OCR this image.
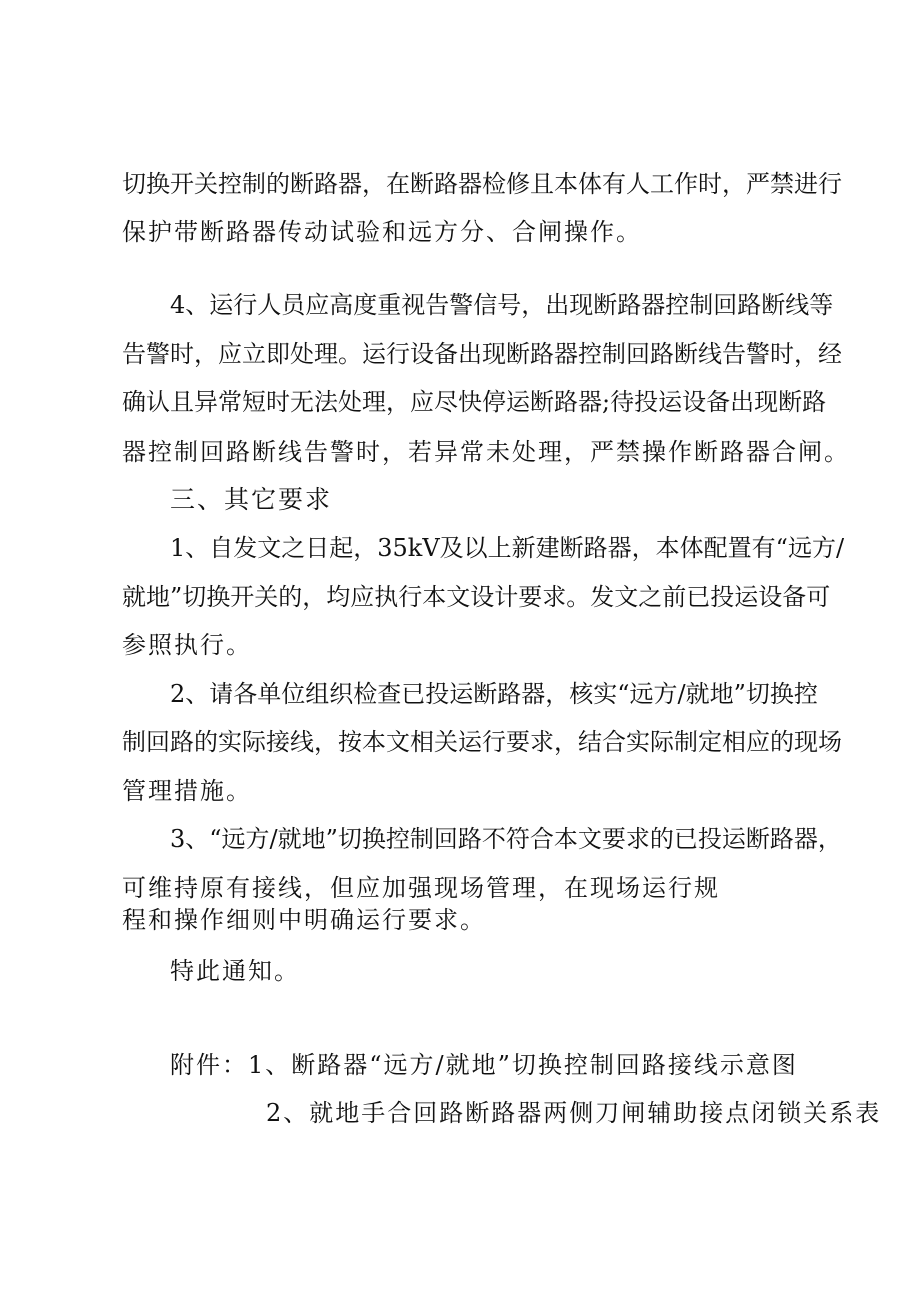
切换开关控制的断路器，在断路器检修且本体有人工作时，严禁进行
保护带断路器传动试验和远方分、合闸操作。
4、运行人员应高度重视告警信号，出现断路器控制回路断线等
告警时，应立即处理。运行设备出现断路器控制回路断线告警时，经
确认且异常短时无法处理，应尽快停运断路器;待投运设备出现断路
器控制回路断线告警时，若异常未处理，严禁操作断路器合闸。
三、其它要求
1、自发文之日起，35kV及以上新建断路器，本体配置有“远方/
就地”切换开关的，均应执行本文设计要求。发文之前已投运设备可
参照执行。
2、请各单位组织检查已投运断路器，核实“远方/就地”切换控
制回路的实际接线，按本文相关运行要求，结合实际制定相应的现场
管理措施。
3、“远方/就地”切换控制回路不符合本文要求的已投运断路器，
可维持原有接线，但应加强现场管理，在现场运行规
程和操作细则中明确运行要求。
特此通知。
附件：1、断路器“远方/就地”切换控制回路接线示意图
2、就地手合回路断路器两侧刀闸辅助接点闭锁关系表
